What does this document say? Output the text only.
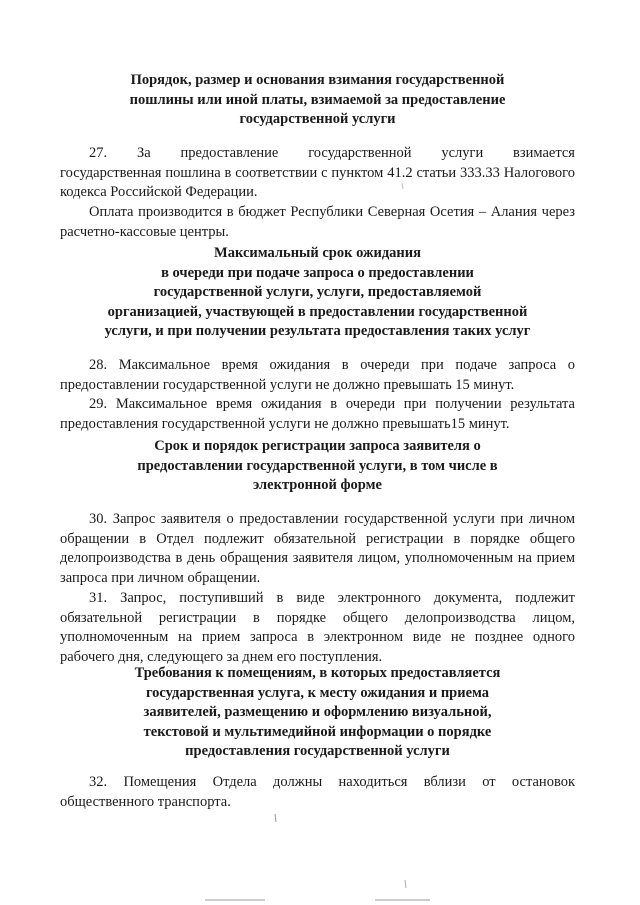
Порядок, размер и основания взимания государственной
пошлины или иной платы, взимаемой за предоставление
государственной услуги
27. За предоставление государственной услуги взимается
государственная пошлина в соответствии с пунктом 41.2 статьи 333.33 Налогового кодекса Российской Федерации.

Оплата производится в бюджет Республики Северная Осетия – Алания через расчетно-кассовые центры.

Максимальный срок ожидания
в очереди при подаче запроса о предоставлении
государственной услуги, услуги, предоставляемой
организацией, участвующей в предоставлении государственной
услуги, и при получении результата предоставления таких услуг

28. Максимальное время ожидания в очереди при подаче запроса о предоставлении государственной услуги не должно превышать 15 минут.

29. Максимальное время ожидания в очереди при получении результата предоставления государственной услуги не должно превышать15 минут.

Срок и порядок регистрации запроса заявителя о
предоставлении государственной услуги, в том числе в
электронной форме

30. Запрос заявителя о предоставлении государственной услуги при личном обращении в Отдел подлежит обязательной регистрации в порядке общего делопроизводства в день обращения заявителя лицом, уполномоченным на прием запроса при личном обращении.

31. Запрос, поступивший в виде электронного документа, подлежит обязательной регистрации в порядке общего делопроизводства лицом, уполномоченным на прием запроса в электронном виде не позднее одного рабочего дня, следующего за днем его поступления.

Требования к помещениям, в которых предоставляется
государственная услуга, к месту ожидания и приема
заявителей, размещению и оформлению визуальной,
текстовой и мультимедийной информации о порядке
предоставления государственной услуги

32. Помещения Отдела должны находиться вблизи от остановок общественного транспорта.
